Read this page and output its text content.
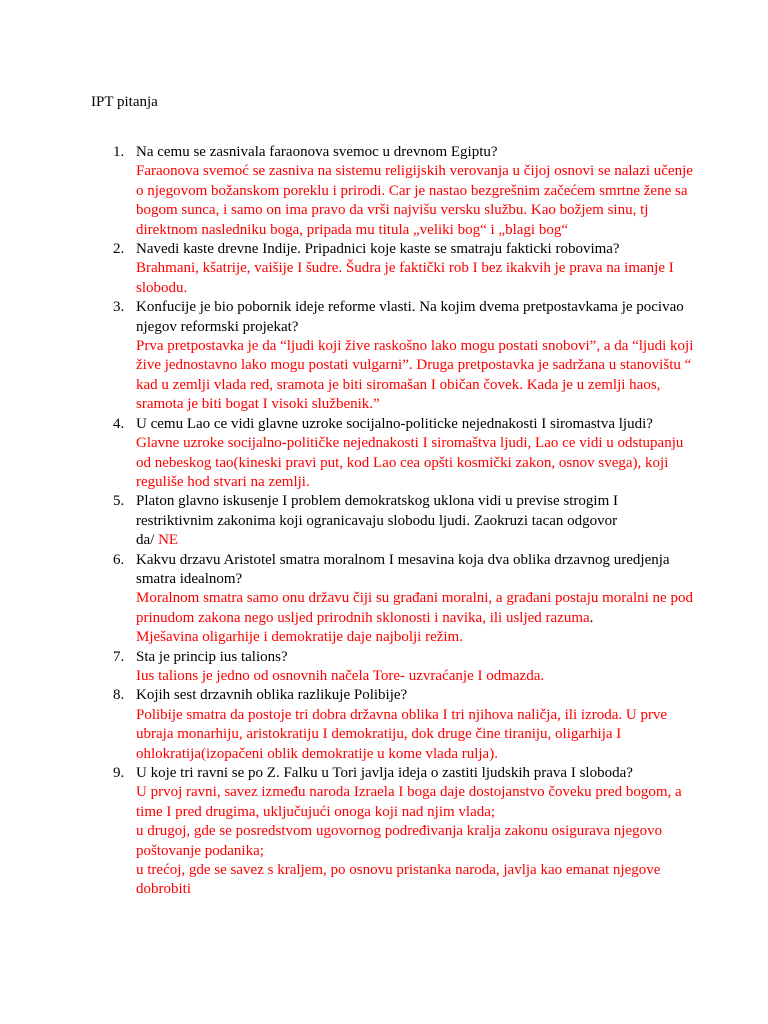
IPT pitanja
1. Na cemu se zasnivala faraonova svemoc u drevnom Egiptu?
Faraonova svemoć se zasniva na sistemu religijskih verovanja u čijoj osnovi se nalazi učenje o njegovom božanskom poreklu i prirodi. Car je nastao bezgrešnim začećem smrtne žene sa bogom sunca, i samo on ima pravo da vrši najvišu versku službu. Kao božjem sinu, tj direktnom nasledniku boga, pripada mu titula „veliki bog“ i „blagi bog“
2. Navedi kaste drevne Indije. Pripadnici koje kaste se smatraju fakticki robovima?
Brahmani, kšatrije, vaišije I šudre. Šudra je faktički rob I bez ikakvih je prava na imanje I slobodu.
3. Konfucije je bio pobornik ideje reforme vlasti. Na kojim dvema pretpostavkama je pocivao njegov reformski projekat?
Prva pretpostavka je da “ljudi koji žive raskošno lako mogu postati snobovi”, a da “ljudi koji žive jednostavno lako mogu postati vulgarni”. Druga pretpostavka je sadržana u stanovištu “ kad u zemlji vlada red, sramota je biti siromašan I običan čovek. Kada je u zemlji haos, sramota je biti bogat I visoki službenik.”
4. U cemu Lao ce vidi glavne uzroke socijalno-politicke nejednakosti I siromastva ljudi?
Glavne uzroke socijalno-političke nejednakosti I siromaštva ljudi, Lao ce vidi u odstupanju od nebeskog tao(kineski pravi put, kod Lao cea opšti kosmički zakon, osnov svega), koji reguliše hod stvari na zemlji.
5. Platon glavno iskusenje I problem demokratskog uklona vidi u previse strogim I restriktivnim zakonima koji ogranicavaju slobodu ljudi. Zaokruzi tacan odgovor
da/ NE
6. Kakvu drzavu Aristotel smatra moralnom I mesavina koja dva oblika drzavnog uredjenja smatra idealnom?
Moralnom smatra samo onu državu čiji su građani moralni, a građani postaju moralni ne pod prinudom zakona nego usljed prirodnih sklonosti i navika, ili usljed razuma.
Mješavina oligarhije i demokratije daje najbolji režim.
7. Sta je princip ius talions?
Ius talions je jedno od osnovnih načela Tore- uzvraćanje I odmazda.
8. Kojih sest drzavnih oblika razlikuje Polibije?
Polibije smatra da postoje tri dobra državna oblika I tri njihova naličja, ili izroda. U prve ubraja monarhiju, aristokratiju I demokratiju, dok druge čine tiraniju, oligarhija I ohlokratija(izopačeni oblik demokratije u kome vlada rulja).
9. U koje tri ravni se po Z. Falku u Tori javlja ideja o zastiti ljudskih prava I sloboda?
U prvoj ravni, savez između naroda Izraela I boga daje dostojanstvo čoveku pred bogom, a time I pred drugima, uključujući onoga koji nad njim vlada;
u drugoj, gde se posredstvom ugovornog podređivanja kralja zakonu osigurava njegovo poštovanje podanika;
u trećoj, gde se savez s kraljem, po osnovu pristanka naroda, javlja kao emanat njegove dobrobiti
